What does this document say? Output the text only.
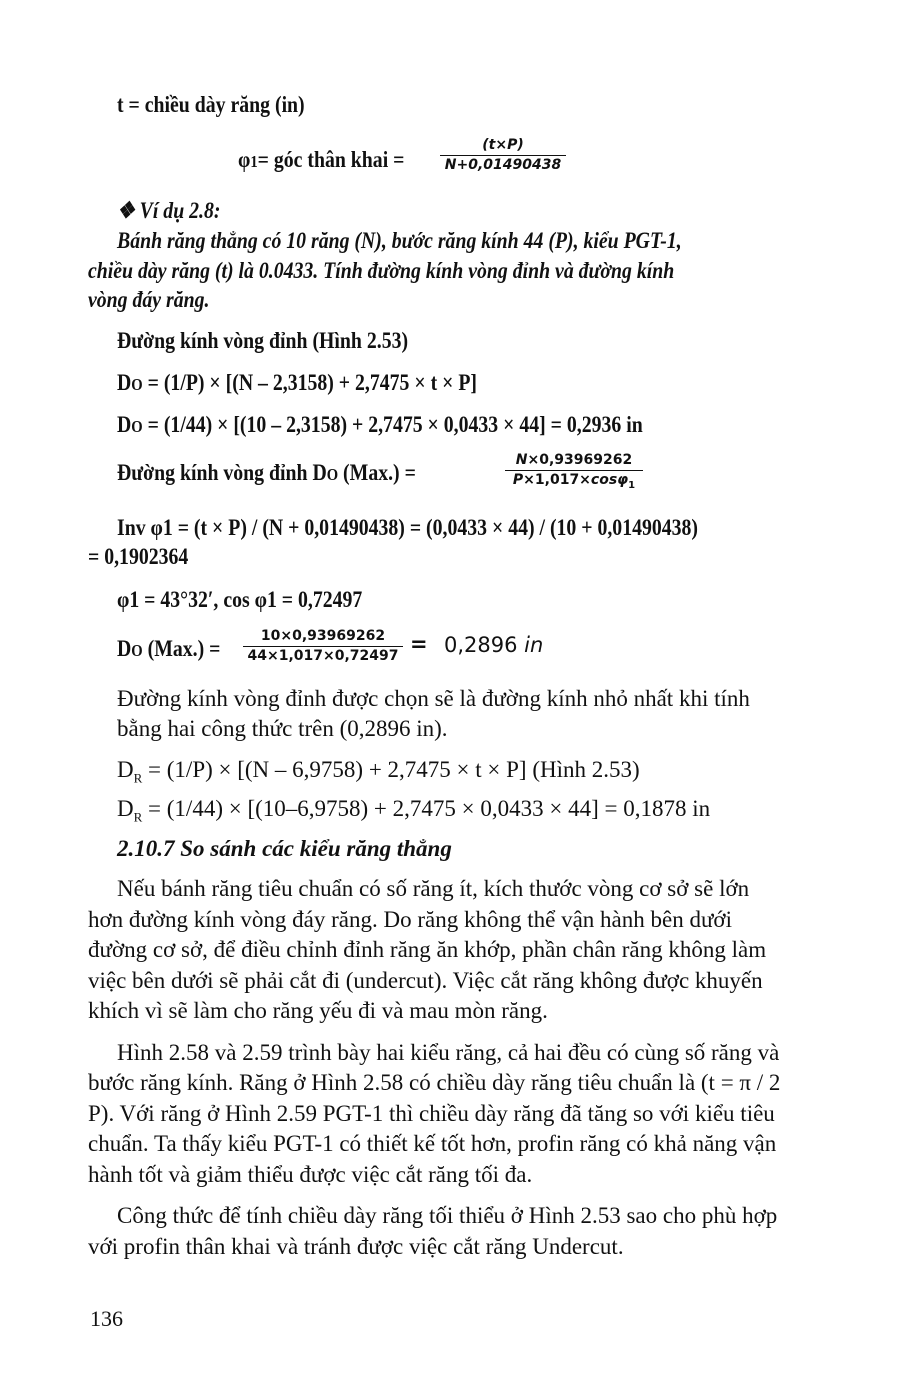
t = chiều dày răng (in)
φ1= góc thân khai =
(t×P)
N+0,01490438
❖ Ví dụ 2.8:
Bánh răng thẳng có 10 răng (N), bước răng kính 44 (P), kiểu PGT-1,
chiều dày răng (t) là 0.0433. Tính đường kính vòng đỉnh và đường kính
vòng đáy răng.
Đường kính vòng đỉnh (Hình 2.53)
DO = (1/P) × [(N – 2,3158) + 2,7475 × t × P]
DO = (1/44) × [(10 – 2,3158) + 2,7475 × 0,0433 × 44] = 0,2936 in
Đường kính vòng đỉnh DO (Max.) =	N×0,93969262
P×1,017×cosφ$_1$
Inv φ1 = (t × P) / (N + 0,01490438) = (0,0433 × 44) / (10 + 0,01490438)
= 0,1902364
φ1 = 43°32′, cos φ1 = 0,72497
DO (Max.) =	10×0,93969262
44×1,017×0,72497 = 0,2896 in
Đường kính vòng đỉnh được chọn sẽ là đường kính nhỏ nhất khi tính
bằng hai công thức trên (0,2896 in).
$D_R = (1/P) \times [(N - 6,9758) + 2,7475 \times t \times P]$ (Hình 2.53)
$D_R = (1/44) \times [(10-6,9758) + 2,7475 \times 0,0433 \times 44] = 0,1878$ in
2.10.7 So sánh các kiểu răng thẳng
Nếu bánh răng tiêu chuẩn có số răng ít, kích thước vòng cơ sở sẽ lớn
hơn đường kính vòng đáy răng. Do răng không thể vận hành bên dưới
đường cơ sở, để điều chỉnh đỉnh răng ăn khớp, phần chân răng không làm
việc bên dưới sẽ phải cắt đi (undercut). Việc cắt răng không được khuyến
khích vì sẽ làm cho răng yếu đi và mau mòn răng.
Hình 2.58 và 2.59 trình bày hai kiểu răng, cả hai đều có cùng số răng và
bước răng kính. Răng ở Hình 2.58 có chiều dày răng tiêu chuẩn là (t = π / 2
P). Với răng ở Hình 2.59 PGT-1 thì chiều dày răng đã tăng so với kiểu tiêu
chuẩn. Ta thấy kiểu PGT-1 có thiết kế tốt hơn, profin răng có khả năng vận
hành tốt và giảm thiểu được việc cắt răng tối đa.
Công thức để tính chiều dày răng tối thiểu ở Hình 2.53 sao cho phù hợp
với profin thân khai và tránh được việc cắt răng Undercut.
136
